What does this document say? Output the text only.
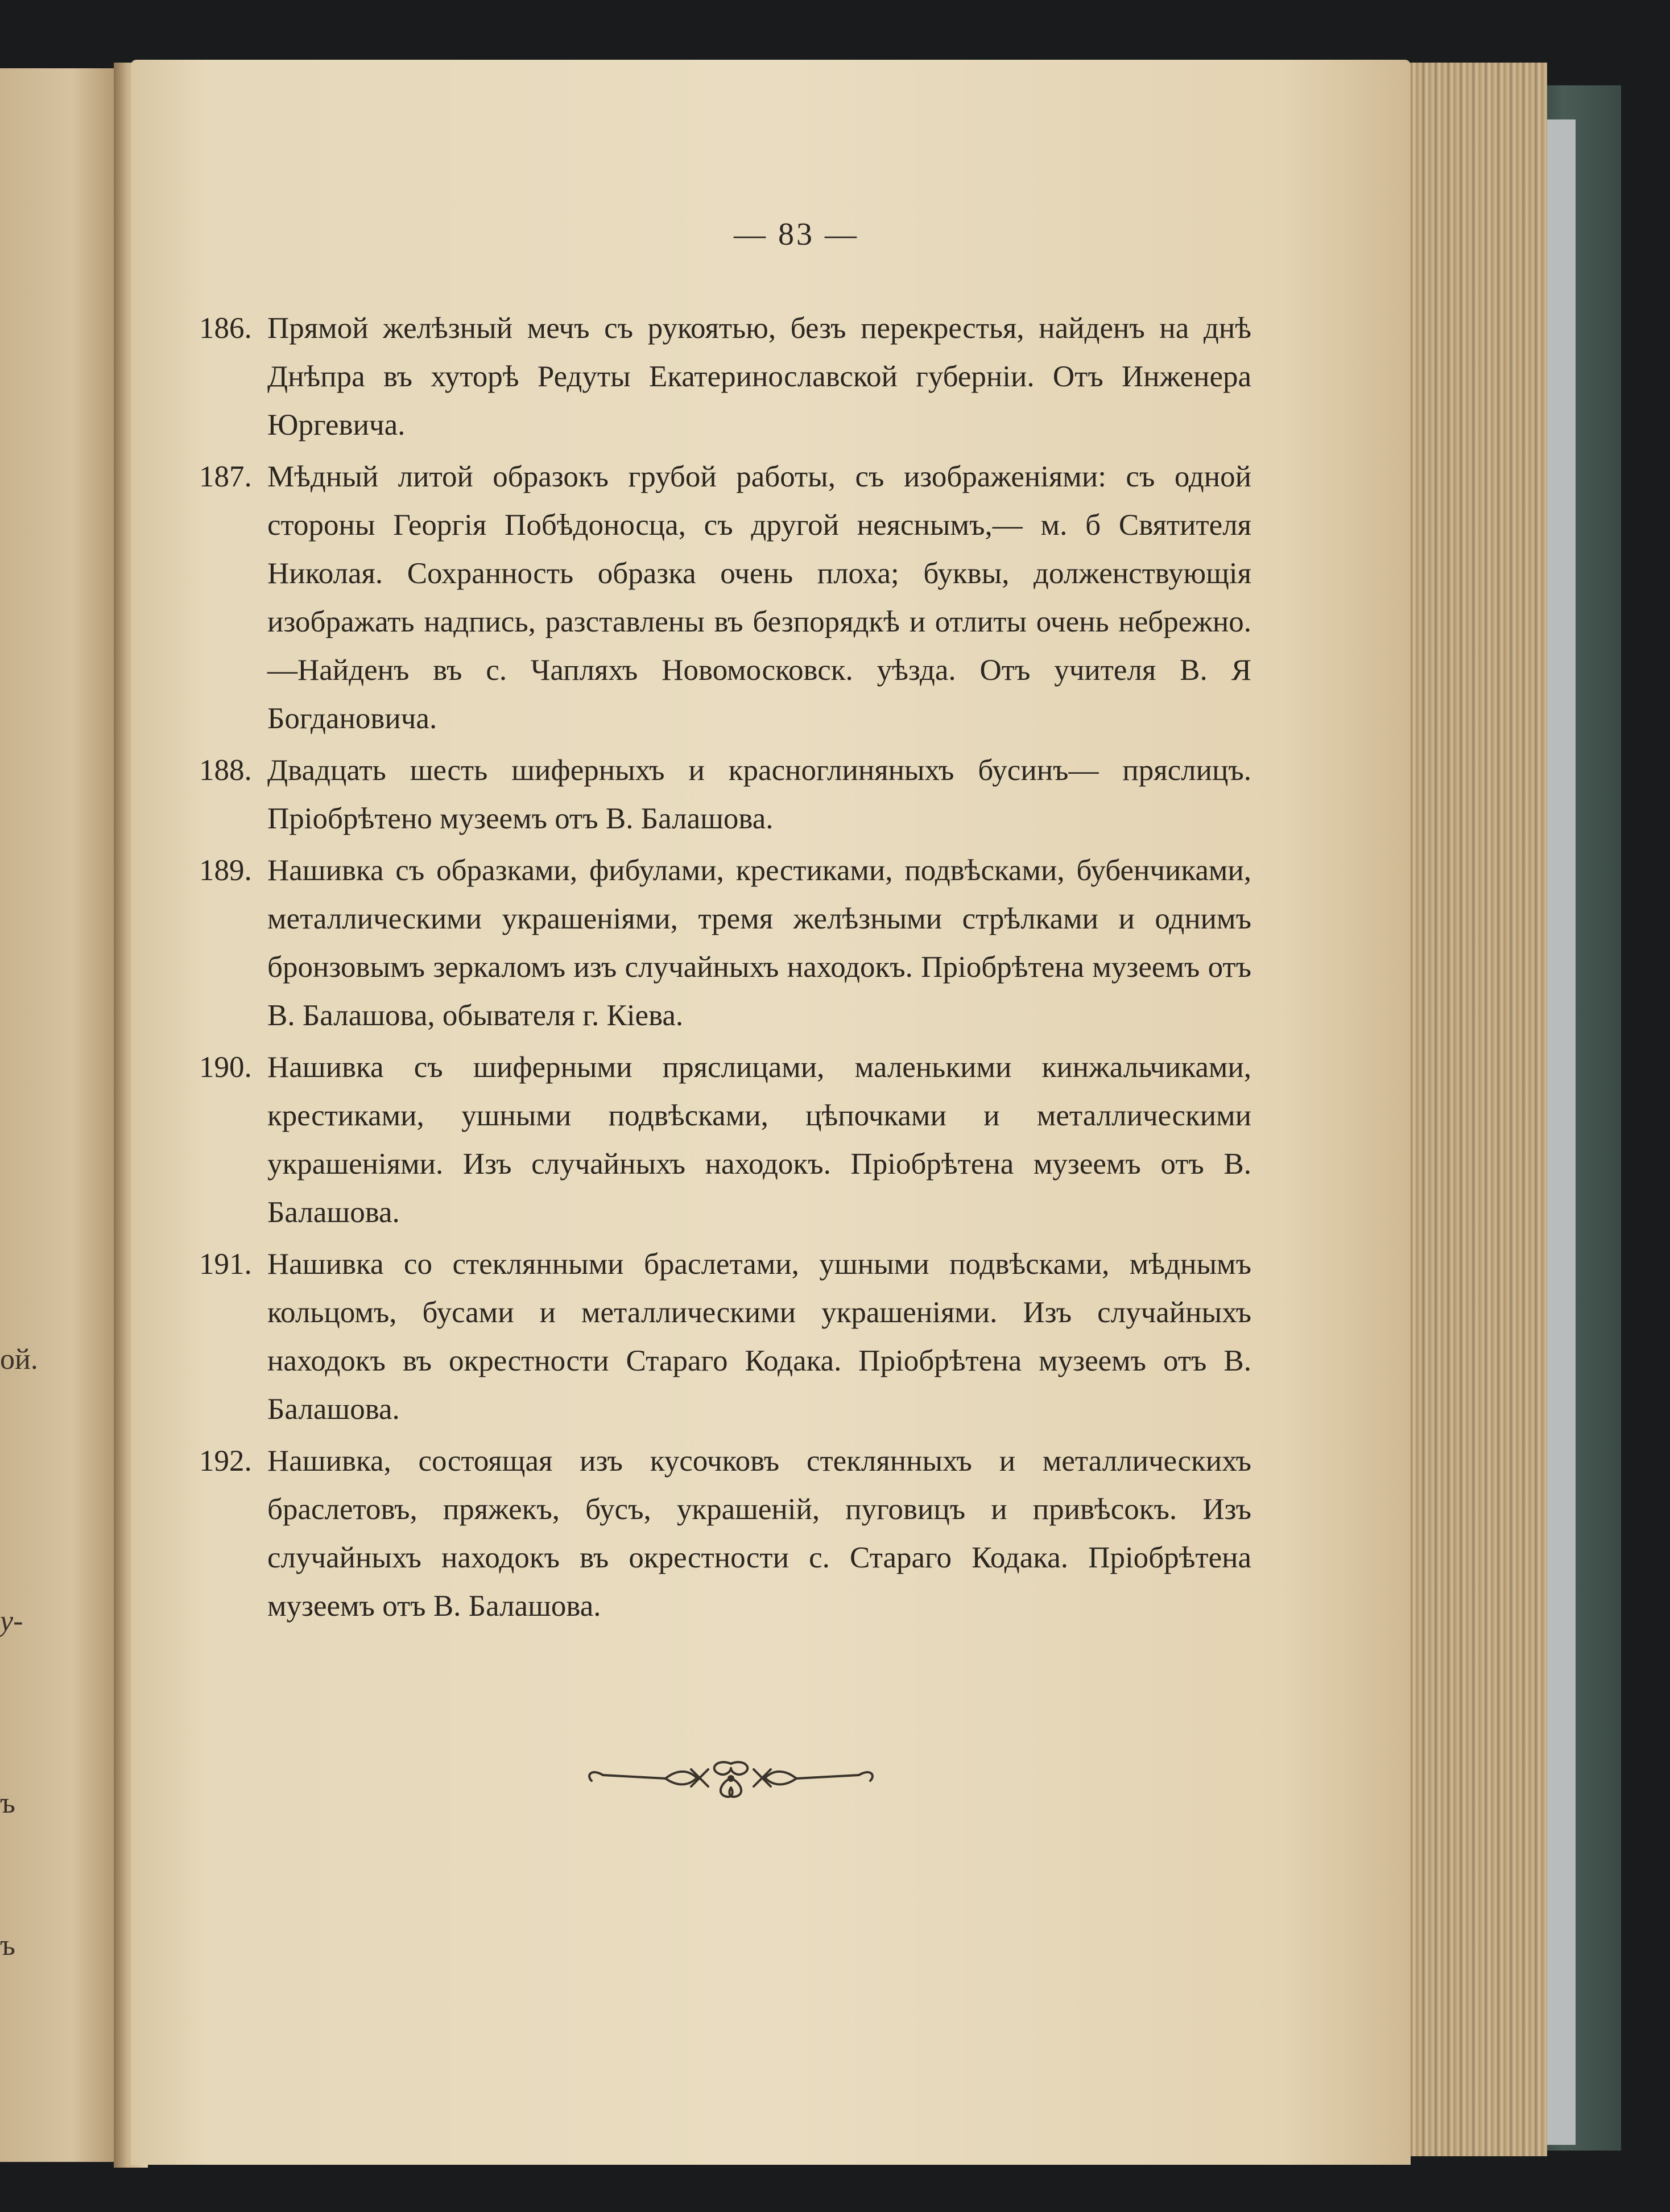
ой.
у-
ъ
ъ
— 83 —
186. Прямой желѣзный мечъ съ рукоятью, безъ перекрестья, найденъ на днѣ Днѣпра въ хуторѣ Редуты Екатеринославской губерніи. Отъ Инженера Юргевича.
187. Мѣдный литой образокъ грубой работы, съ изображеніями: съ одной стороны Георгія Побѣдоносца, съ другой неяснымъ,— м. б Святителя Николая. Сохранность образка очень плоха; буквы, долженствующія изображать надпись, разставлены въ безпорядкѣ и отлиты очень небрежно.—Найденъ въ с. Чапляхъ Новомосковск. уѣзда. Отъ учителя В. Я Богдановича.
188. Двадцать шесть шиферныхъ и красноглиняныхъ бусинъ— пряслицъ. Пріобрѣтено музеемъ отъ В. Балашова.
189. Нашивка съ образками, фибулами, крестиками, подвѣсками, бубенчиками, металлическими украшеніями, тремя желѣзными стрѣлками и однимъ бронзовымъ зеркаломъ изъ случайныхъ находокъ. Пріобрѣтена музеемъ отъ В. Балашова, обывателя г. Кіева.
190. Нашивка съ шиферными пряслицами, маленькими кинжальчиками, крестиками, ушными подвѣсками, цѣпочками и металлическими украшеніями. Изъ случайныхъ находокъ. Пріобрѣтена музеемъ отъ В. Балашова.
191. Нашивка со стеклянными браслетами, ушными подвѣсками, мѣднымъ кольцомъ, бусами и металлическими украшеніями. Изъ случайныхъ находокъ въ окрестности Стараго Кодака. Пріобрѣтена музеемъ отъ В. Балашова.
192. Нашивка, состоящая изъ кусочковъ стеклянныхъ и металлическихъ браслетовъ, пряжекъ, бусъ, украшеній, пуговицъ и привѣсокъ. Изъ случайныхъ находокъ въ окрестности с. Стараго Кодака. Пріобрѣтена музеемъ отъ В. Балашова.
